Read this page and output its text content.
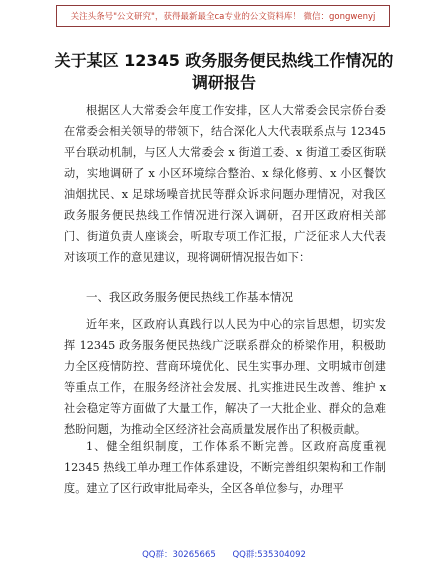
关注头条号"公文研究"，获得最新最全ca专业的公文资料库！ 微信：gongwenyj
关于某区 12345 政务服务便民热线工作情况的
调研报告
根据区人大常委会年度工作安排，区人大常委会民宗侨台委在常委会相关领导的带领下，结合深化人大代表联系点与 12345 平台联动机制，与区人大常委会 x 街道工委、x 街道工委区街联动，实地调研了 x 小区环境综合整治、x 绿化修剪、x 小区餐饮油烟扰民、x 足球场噪音扰民等群众诉求问题办理情况，对我区政务服务便民热线工作情况进行深入调研，召开区政府相关部门、街道负责人座谈会，听取专项工作汇报，广泛征求人大代表对该项工作的意见建议，现将调研情况报告如下：
一、我区政务服务便民热线工作基本情况
近年来，区政府认真践行以人民为中心的宗旨思想，切实发挥 12345 政务服务便民热线广泛联系群众的桥梁作用，积极助力全区疫情防控、营商环境优化、民生实事办理、文明城市创建等重点工作，在服务经济社会发展、扎实推进民生改善、维护 x 社会稳定等方面做了大量工作，解决了一大批企业、群众的急难愁盼问题，为推动全区经济社会高质量发展作出了积极贡献。
1、健全组织制度，工作体系不断完善。区政府高度重视 12345 热线工单办理工作体系建设，不断完善组织架构和工作制度。建立了区行政审批局牵头，全区各单位参与，办理平
QQ群：30265665 QQ群:535304092
